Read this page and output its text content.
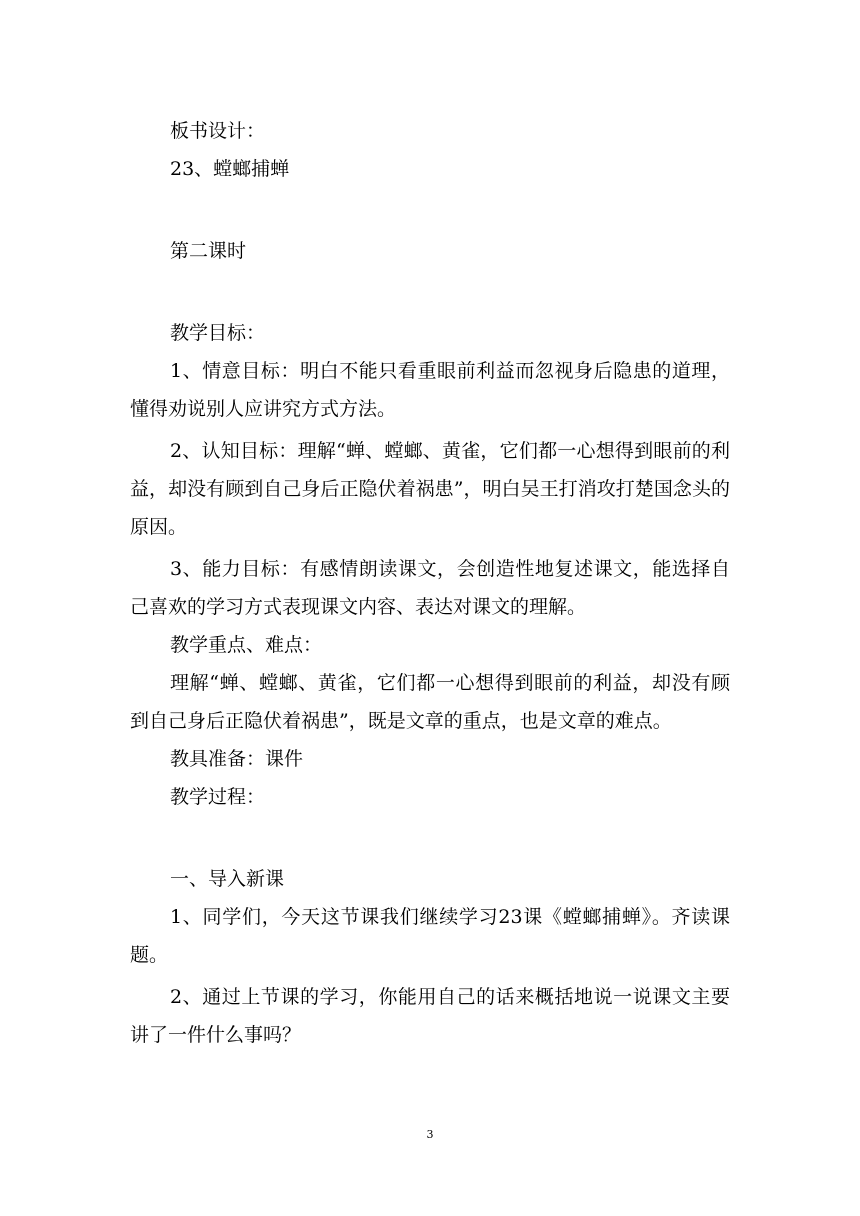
板书设计：

23、螳螂捕蝉

第二课时

教学目标：

1、情意目标：明白不能只看重眼前利益而忽视身后隐患的道理，懂得劝说别人应讲究方式方法。

2、认知目标：理解“蝉、螳螂、黄雀，它们都一心想得到眼前的利益，却没有顾到自己身后正隐伏着祸患”，明白吴王打消攻打楚国念头的原因。

3、能力目标：有感情朗读课文，会创造性地复述课文，能选择自己喜欢的学习方式表现课文内容、表达对课文的理解。

教学重点、难点：

理解“蝉、螳螂、黄雀，它们都一心想得到眼前的利益，却没有顾到自己身后正隐伏着祸患”，既是文章的重点，也是文章的难点。

教具准备：课件

教学过程：

一、导入新课

1、同学们，今天这节课我们继续学习23课《螳螂捕蝉》。齐读课题。

2、通过上节课的学习，你能用自己的话来概括地说一说课文主要讲了一件什么事吗？

3
